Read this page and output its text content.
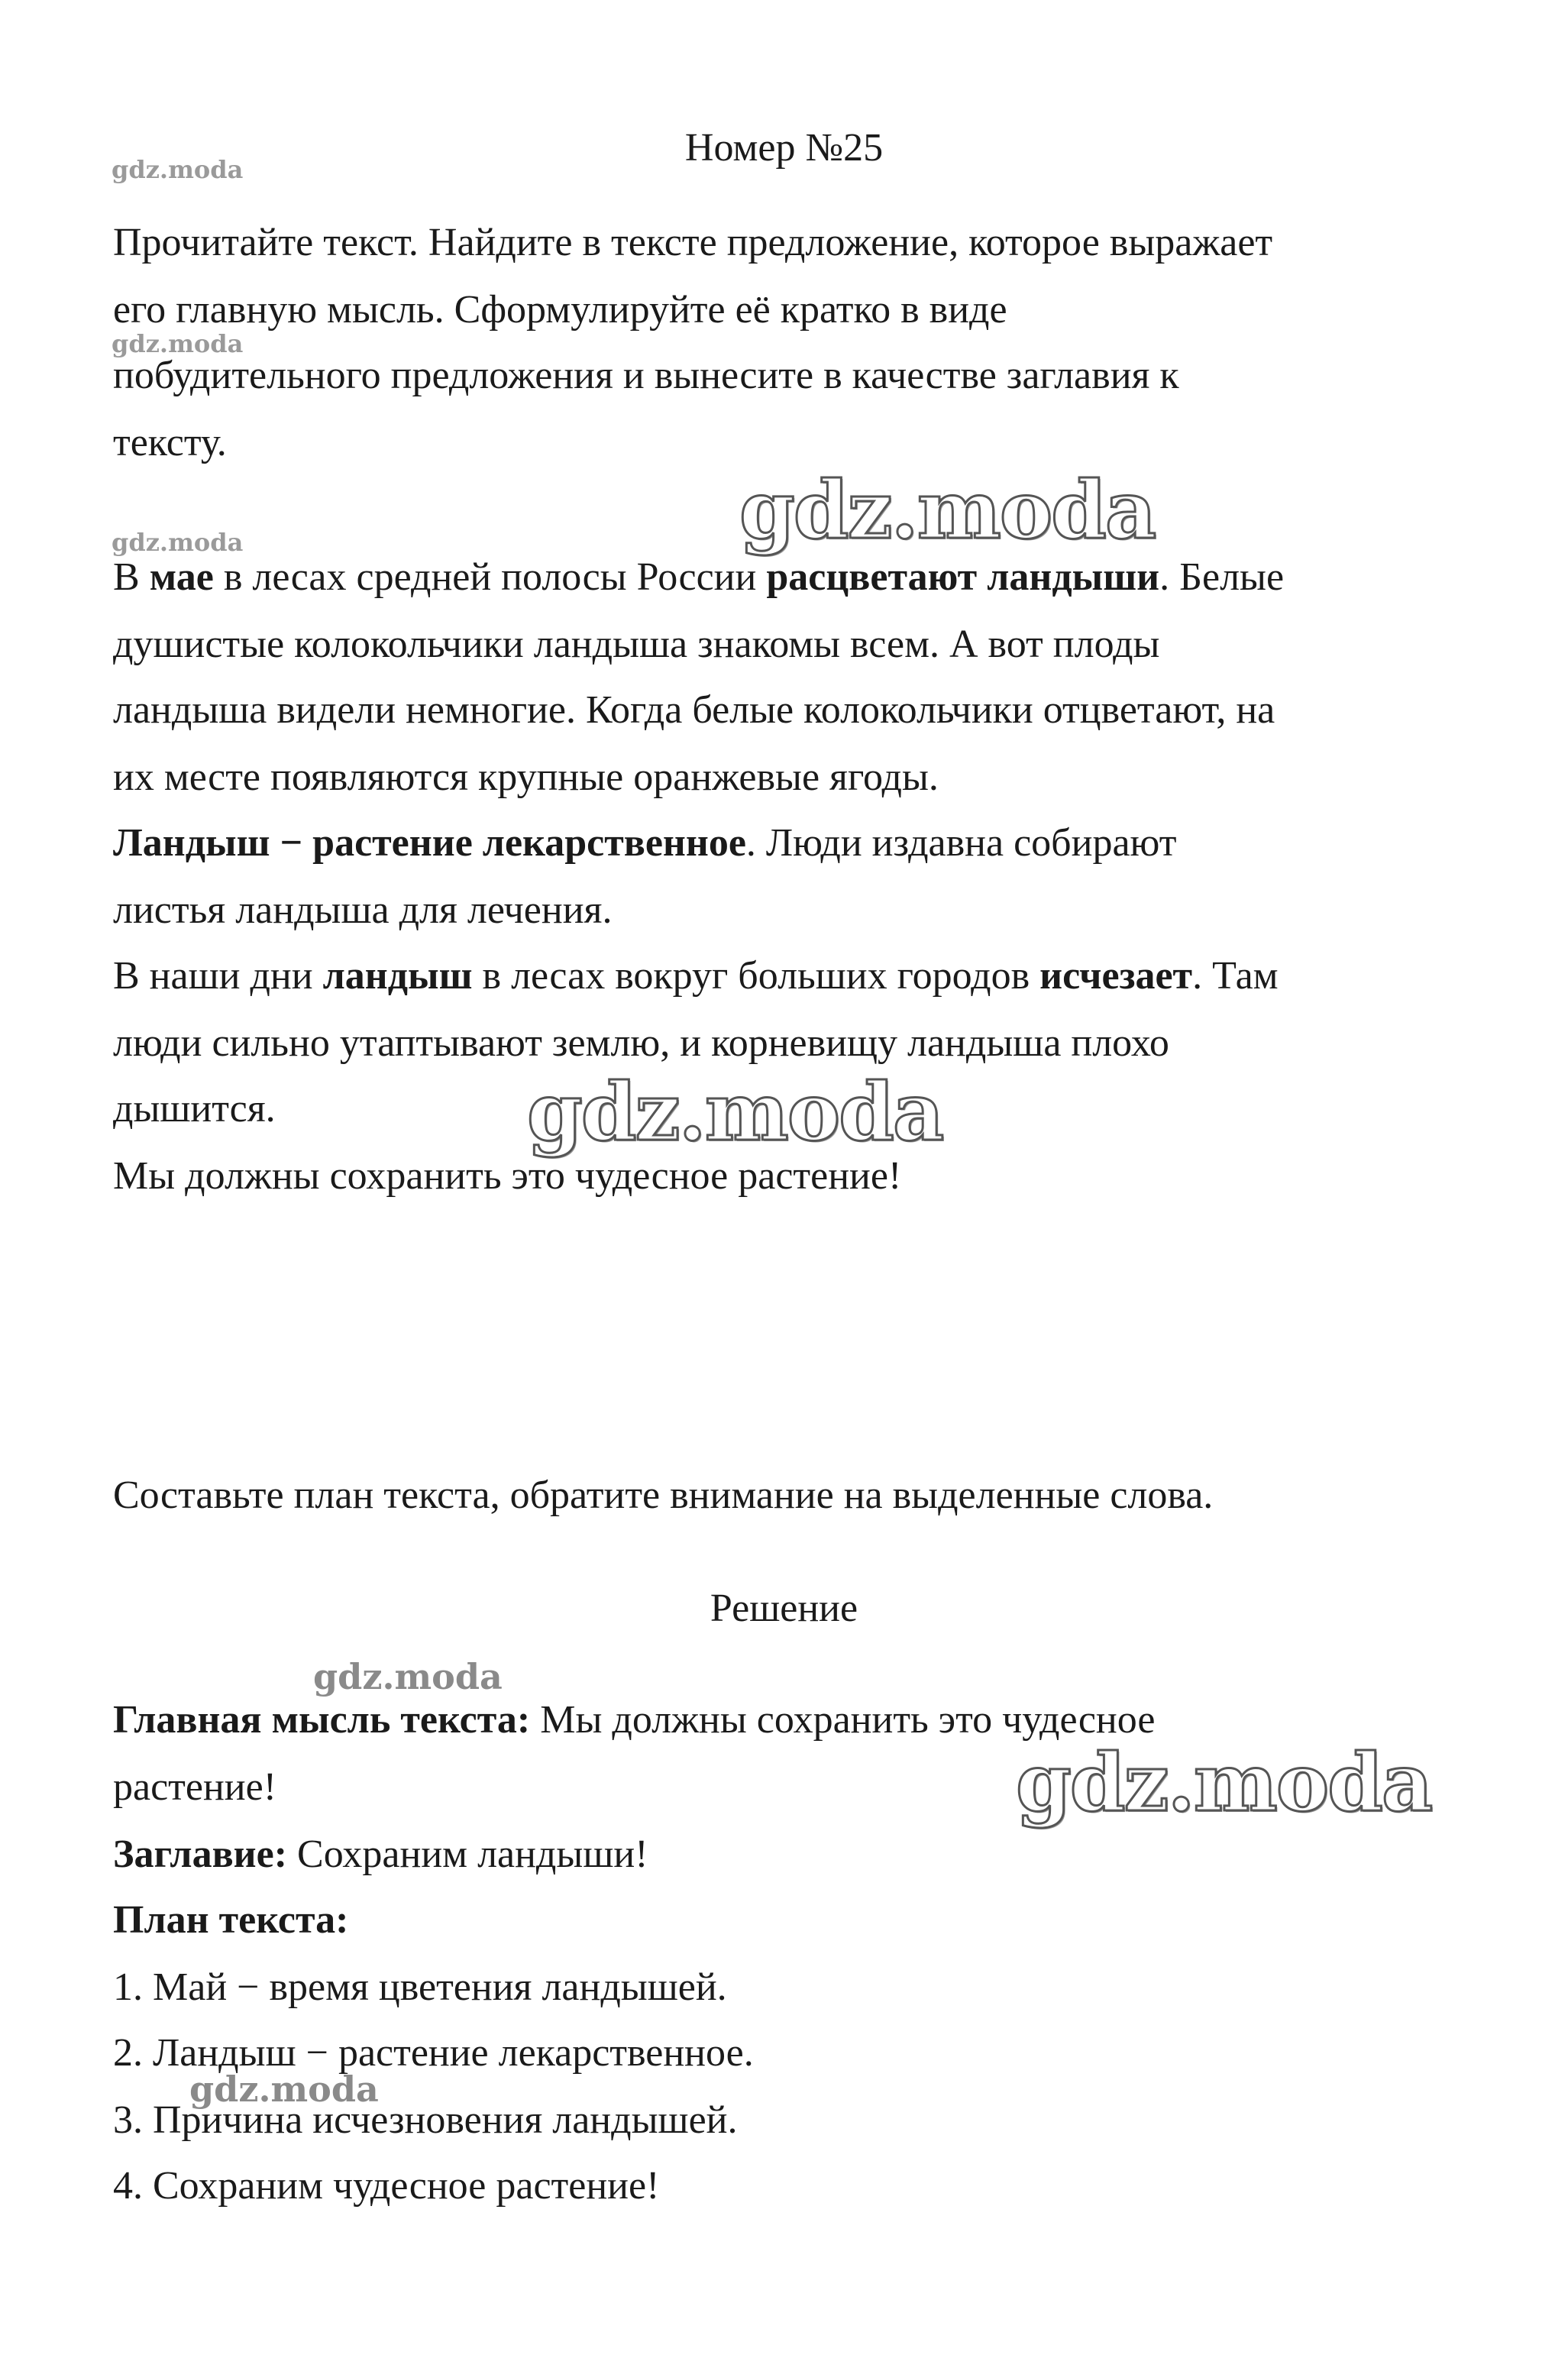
Номер №25

Прочитайте текст. Найдите в тексте предложение, которое выражает

его главную мысль. Сформулируйте её кратко в виде

побудительного предложения и вынесите в качестве заглавия к

тексту.

В мае в лесах средней полосы России расцветают ландыши. Белые

душистые колокольчики ландыша знакомы всем. А вот плоды

ландыша видели немногие. Когда белые колокольчики отцветают, на

их месте появляются крупные оранжевые ягоды.

Ландыш − растение лекарственное. Люди издавна собирают

листья ландыша для лечения.

В наши дни ландыш в лесах вокруг больших городов исчезает. Там

люди сильно утаптывают землю, и корневищу ландыша плохо

дышится.

Мы должны сохранить это чудесное растение!

Составьте план текста, обратите внимание на выделенные слова.

Решение

Главная мысль текста: Мы должны сохранить это чудесное

растение!

Заглавие: Сохраним ландыши!

План текста:

1. Май − время цветения ландышей.

2. Ландыш − растение лекарственное.

3. Причина исчезновения ландышей.

4. Сохраним чудесное растение!

gdz.moda
gdz.moda
gdz.moda	gdz.moda
gdz.moda
gdz.moda
gdz.moda
gdz.moda
